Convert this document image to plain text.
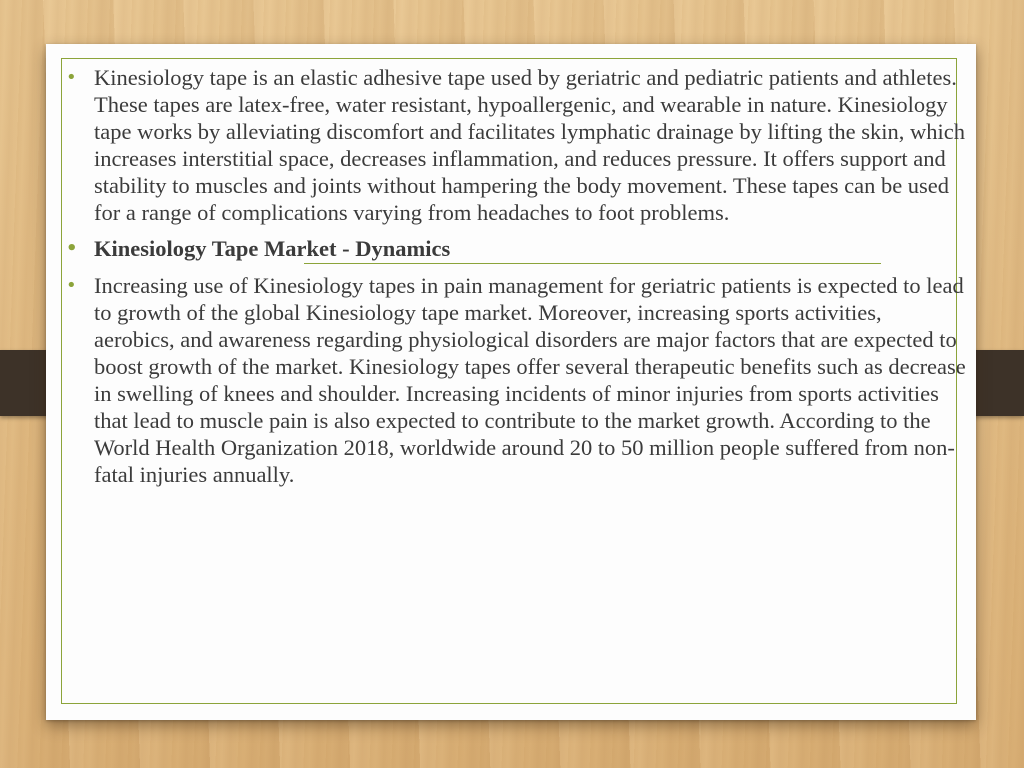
• Kinesiology tape is an elastic adhesive tape used by geriatric and pediatric patients and athletes. These tapes are latex-free, water resistant, hypoallergenic, and wearable in nature. Kinesiology tape works by alleviating discomfort and facilitates lymphatic drainage by lifting the skin, which increases interstitial space, decreases inflammation, and reduces pressure. It offers support and stability to muscles and joints without hampering the body movement. These tapes can be used for a range of complications varying from headaches to foot problems.
• Kinesiology Tape Market - Dynamics
• Increasing use of Kinesiology tapes in pain management for geriatric patients is expected to lead to growth of the global Kinesiology tape market. Moreover, increasing sports activities, aerobics, and awareness regarding physiological disorders are major factors that are expected to boost growth of the market. Kinesiology tapes offer several therapeutic benefits such as decrease in swelling of knees and shoulder. Increasing incidents of minor injuries from sports activities that lead to muscle pain is also expected to contribute to the market growth. According to the World Health Organization 2018, worldwide around 20 to 50 million people suffered from non-fatal injuries annually.
